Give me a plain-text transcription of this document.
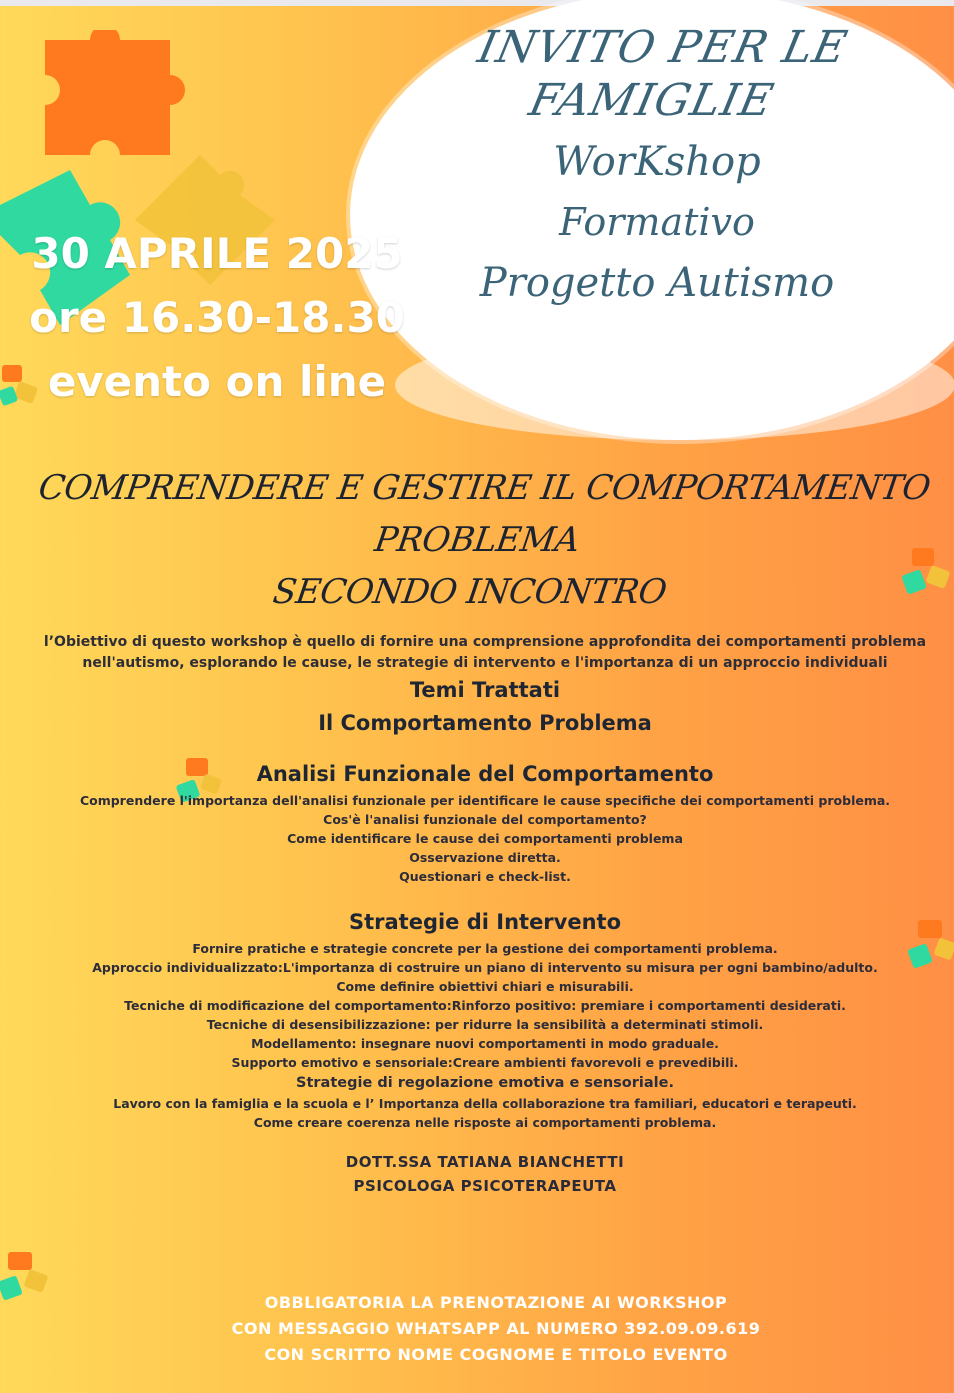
INVITO PER LE FAMIGLIE
WorKshop
Formativo
Progetto Autismo
30 APRILE 2025
ore 16.30-18.30
evento on line
COMPRENDERE E GESTIRE IL COMPORTAMENTO PROBLEMA
SECONDO INCONTRO
l’Obiettivo di questo workshop è quello di fornire una comprensione approfondita dei comportamenti problema
nell'autismo, esplorando le cause, le strategie di intervento e l'importanza di un approccio individuali
Temi Trattati
Il Comportamento Problema
Analisi Funzionale del Comportamento
Comprendere l'importanza dell'analisi funzionale per identificare le cause specifiche dei comportamenti problema.
Cos'è l'analisi funzionale del comportamento?
Come identificare le cause dei comportamenti problema
Osservazione diretta.
Questionari e check-list.
Strategie di Intervento
Fornire pratiche e strategie concrete per la gestione dei comportamenti problema.
Approccio individualizzato:L'importanza di costruire un piano di intervento su misura per ogni bambino/adulto.
Come definire obiettivi chiari e misurabili.
Tecniche di modificazione del comportamento:Rinforzo positivo: premiare i comportamenti desiderati.
Tecniche di desensibilizzazione: per ridurre la sensibilità a determinati stimoli.
Modellamento: insegnare nuovi comportamenti in modo graduale.
Supporto emotivo e sensoriale:Creare ambienti favorevoli e prevedibili.
Strategie di regolazione emotiva e sensoriale.
Lavoro con la famiglia e la scuola e l’ Importanza della collaborazione tra familiari, educatori e terapeuti.
Come creare coerenza nelle risposte ai comportamenti problema.
DOTT.SSA TATIANA BIANCHETTI
PSICOLOGA PSICOTERAPEUTA
OBBLIGATORIA LA PRENOTAZIONE AI WORKSHOP
CON MESSAGGIO WHATSAPP AL NUMERO 392.09.09.619
CON SCRITTO NOME COGNOME E TITOLO EVENTO
